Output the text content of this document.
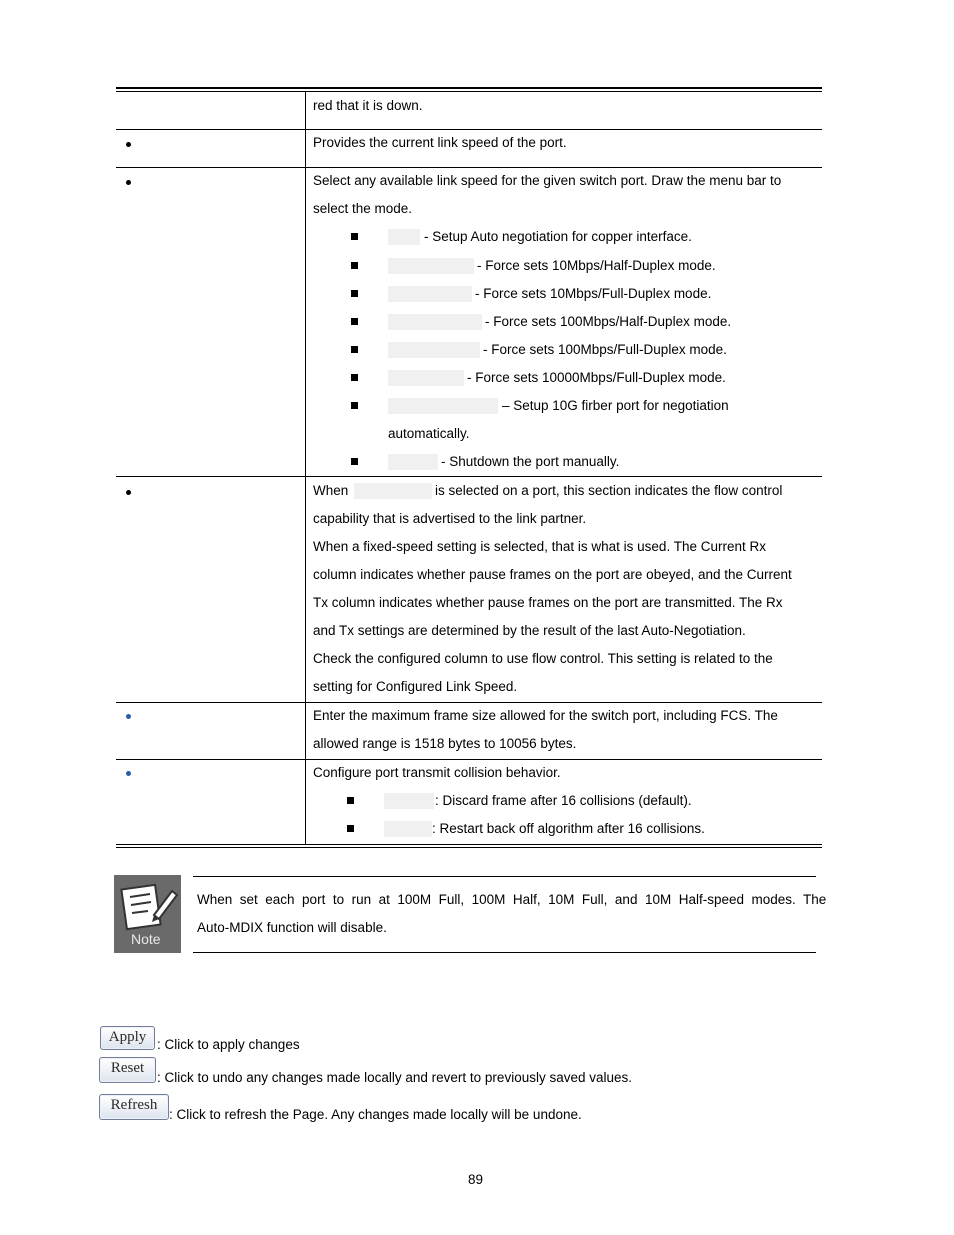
red that it is down.
Provides the current link speed of the port.
Select any available link speed for the given switch port. Draw the menu bar to
select the mode.
- Setup Auto negotiation for copper interface.
- Force sets 10Mbps/Half-Duplex mode.
- Force sets 10Mbps/Full-Duplex mode.
- Force sets 100Mbps/Half-Duplex mode.
- Force sets 100Mbps/Full-Duplex mode.
- Force sets 10000Mbps/Full-Duplex mode.
– Setup 10G firber port for negotiation
automatically.
- Shutdown the port manually.
When	is selected on a port, this section indicates the flow control
capability that is advertised to the link partner.
When a fixed-speed setting is selected, that is what is used. The Current Rx
column indicates whether pause frames on the port are obeyed, and the Current
Tx column indicates whether pause frames on the port are transmitted. The Rx
and Tx settings are determined by the result of the last Auto-Negotiation.
Check the configured column to use flow control. This setting is related to the
setting for Configured Link Speed.
Enter the maximum frame size allowed for the switch port, including FCS. The
allowed range is 1518 bytes to 10056 bytes.
Configure port transmit collision behavior.
: Discard frame after 16 collisions (default).
: Restart back off algorithm after 16 collisions.
Note
When  set  each  port  to  run  at  100M  Full,  100M  Half,  10M  Full,  and  10M  Half-speed  modes.  The
Auto-MDIX function will disable.
Apply : Click to apply changes
Reset
: Click to undo any changes made locally and revert to previously saved values.
Refresh
: Click to refresh the Page. Any changes made locally will be undone.
89
